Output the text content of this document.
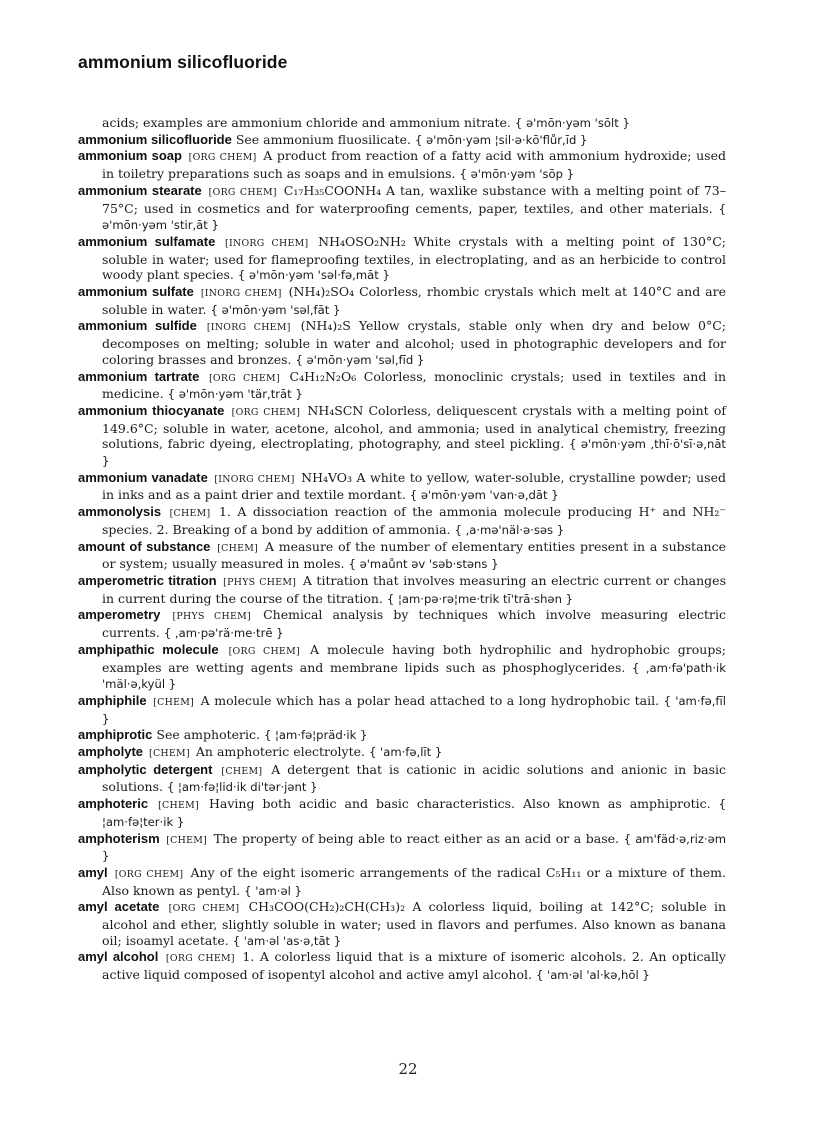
ammonium silicofluoride

acids; examples are ammonium chloride and ammonium nitrate. { ə'mōn·yəm 'sōlt }

ammonium silicofluoride See ammonium fluosilicate. { ə'mōn·yəm ¦sil·ə·kō'flůr,īd }

ammonium soap [ORG CHEM] A product from reaction of a fatty acid with ammonium hydroxide; used in toiletry preparations such as soaps and in emulsions. { ə'mōn·yəm 'sōp }

ammonium stearate [ORG CHEM] C₁₇H₃₅COONH₄ A tan, waxlike substance with a melting point of 73–75°C; used in cosmetics and for waterproofing cements, paper, textiles, and other materials. { ə'mōn·yəm 'stir,āt }

ammonium sulfamate [INORG CHEM] NH₄OSO₂NH₂ White crystals with a melting point of 130°C; soluble in water; used for flameproofing textiles, in electroplating, and as an herbicide to control woody plant species. { ə'mōn·yəm 'səl·fə,māt }

ammonium sulfate [INORG CHEM] (NH₄)₂SO₄ Colorless, rhombic crystals which melt at 140°C and are soluble in water. { ə'mōn·yəm 'səl,fāt }

ammonium sulfide [INORG CHEM] (NH₄)₂S Yellow crystals, stable only when dry and below 0°C; decomposes on melting; soluble in water and alcohol; used in photographic developers and for coloring brasses and bronzes. { ə'mōn·yəm 'səl,fīd }

ammonium tartrate [ORG CHEM] C₄H₁₂N₂O₆ Colorless, monoclinic crystals; used in textiles and in medicine. { ə'mōn·yəm 'tär,trāt }

ammonium thiocyanate [ORG CHEM] NH₄SCN Colorless, deliquescent crystals with a melting point of 149.6°C; soluble in water, acetone, alcohol, and ammonia; used in analytical chemistry, freezing solutions, fabric dyeing, electroplating, photography, and steel pickling. { ə'mōn·yəm ,thī·ō'sī·ə,nāt }

ammonium vanadate [INORG CHEM] NH₄VO₃ A white to yellow, water-soluble, crystalline powder; used in inks and as a paint drier and textile mordant. { ə'mōn·yəm 'van·ə,dāt }

ammonolysis [CHEM] 1. A dissociation reaction of the ammonia molecule producing H⁺ and NH₂⁻ species. 2. Breaking of a bond by addition of ammonia. { ,a·mə'näl·ə·səs }

amount of substance [CHEM] A measure of the number of elementary entities present in a substance or system; usually measured in moles. { ə'maůnt əv 'səb·stəns }

amperometric titration [PHYS CHEM] A titration that involves measuring an electric current or changes in current during the course of the titration. { ¦am·pə·rə¦me·trik tī'trā·shən }

amperometry [PHYS CHEM] Chemical analysis by techniques which involve measuring electric currents. { ,am·pə'rä·me·trē }

amphipathic molecule [ORG CHEM] A molecule having both hydrophilic and hydrophobic groups; examples are wetting agents and membrane lipids such as phosphoglycerides. { ,am·fə'path·ik 'mäl·ə,kyül }

amphiphile [CHEM] A molecule which has a polar head attached to a long hydrophobic tail. { 'am·fə,fīl }

amphiprotic See amphoteric. { ¦am·fə¦präd·ik }

ampholyte [CHEM] An amphoteric electrolyte. { 'am·fə,līt }

ampholytic detergent [CHEM] A detergent that is cationic in acidic solutions and anionic in basic solutions. { ¦am·fə¦lid·ik di'tər·jənt }

amphoteric [CHEM] Having both acidic and basic characteristics. Also known as amphiprotic. { ¦am·fə¦ter·ik }

amphoterism [CHEM] The property of being able to react either as an acid or a base. { am'fäd·ə,riz·əm }

amyl [ORG CHEM] Any of the eight isomeric arrangements of the radical C₅H₁₁ or a mixture of them. Also known as pentyl. { 'am·əl }

amyl acetate [ORG CHEM] CH₃COO(CH₂)₂CH(CH₃)₂ A colorless liquid, boiling at 142°C; soluble in alcohol and ether, slightly soluble in water; used in flavors and perfumes. Also known as banana oil; isoamyl acetate. { 'am·əl 'as·ə,tāt }

amyl alcohol [ORG CHEM] 1. A colorless liquid that is a mixture of isomeric alcohols. 2. An optically active liquid composed of isopentyl alcohol and active amyl alcohol. { 'am·əl 'al·kə,hōl }

22
